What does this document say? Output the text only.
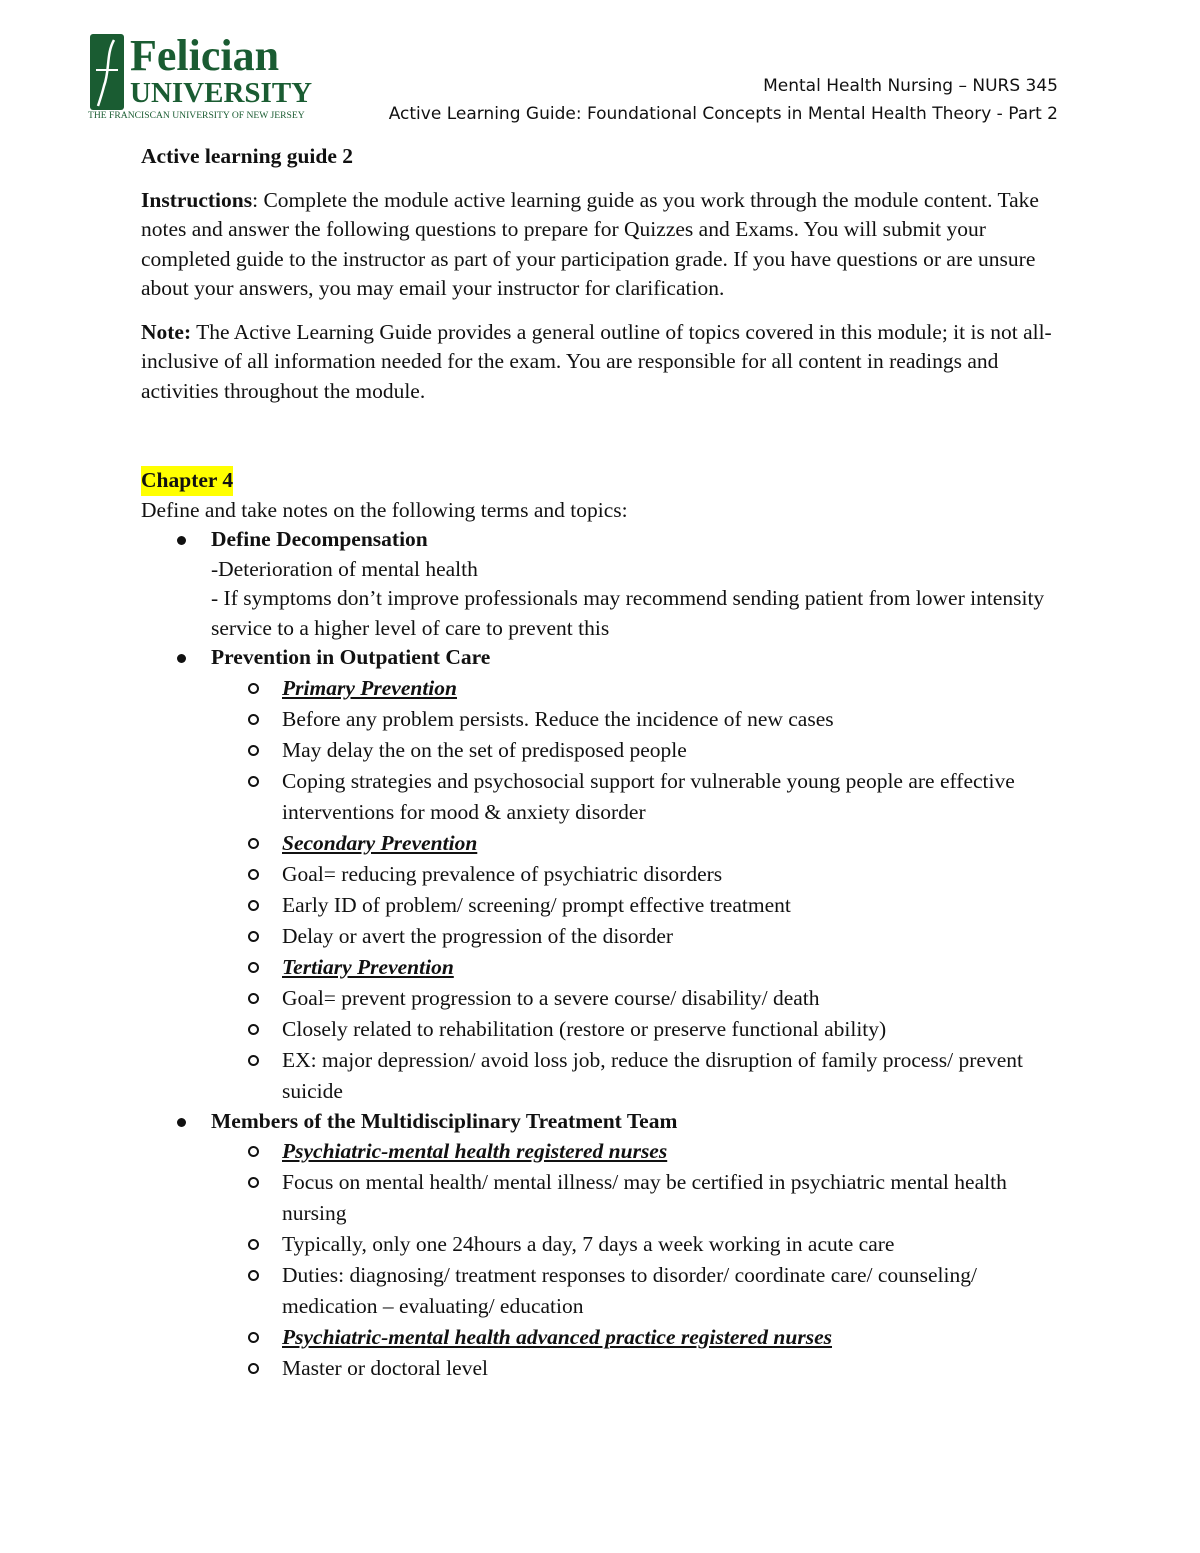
Felician
UNIVERSITY
THE FRANCISCAN UNIVERSITY OF NEW JERSEY
Mental Health Nursing – NURS 345
Active Learning Guide: Foundational Concepts in Mental Health Theory - Part 2
Active learning guide 2
Instructions: Complete the module active learning guide as you work through the module content. Take notes and answer the following questions to prepare for Quizzes and Exams. You will submit your completed guide to the instructor as part of your participation grade. If you have questions or are unsure about your answers, you may email your instructor for clarification.
Note: The Active Learning Guide provides a general outline of topics covered in this module; it is not all-inclusive of all information needed for the exam. You are responsible for all content in readings and activities throughout the module.
Chapter 4
Define and take notes on the following terms and topics:
Define Decompensation
-Deterioration of mental health
- If symptoms don’t improve professionals may recommend sending patient from lower intensity service to a higher level of care to prevent this
Prevention in Outpatient Care
Primary Prevention
Before any problem persists. Reduce the incidence of new cases
May delay the on the set of predisposed people
Coping strategies and psychosocial support for vulnerable young people are effective interventions for mood & anxiety disorder
Secondary Prevention
Goal= reducing prevalence of psychiatric disorders
Early ID of problem/ screening/ prompt effective treatment
Delay or avert the progression of the disorder
Tertiary Prevention
Goal= prevent progression to a severe course/ disability/ death
Closely related to rehabilitation (restore or preserve functional ability)
EX: major depression/ avoid loss job, reduce the disruption of family process/ prevent suicide
Members of the Multidisciplinary Treatment Team
Psychiatric-mental health registered nurses
Focus on mental health/ mental illness/ may be certified in psychiatric mental health nursing
Typically, only one 24hours a day, 7 days a week working in acute care
Duties: diagnosing/ treatment responses to disorder/ coordinate care/ counseling/ medication – evaluating/ education
Psychiatric-mental health advanced practice registered nurses
Master or doctoral level
